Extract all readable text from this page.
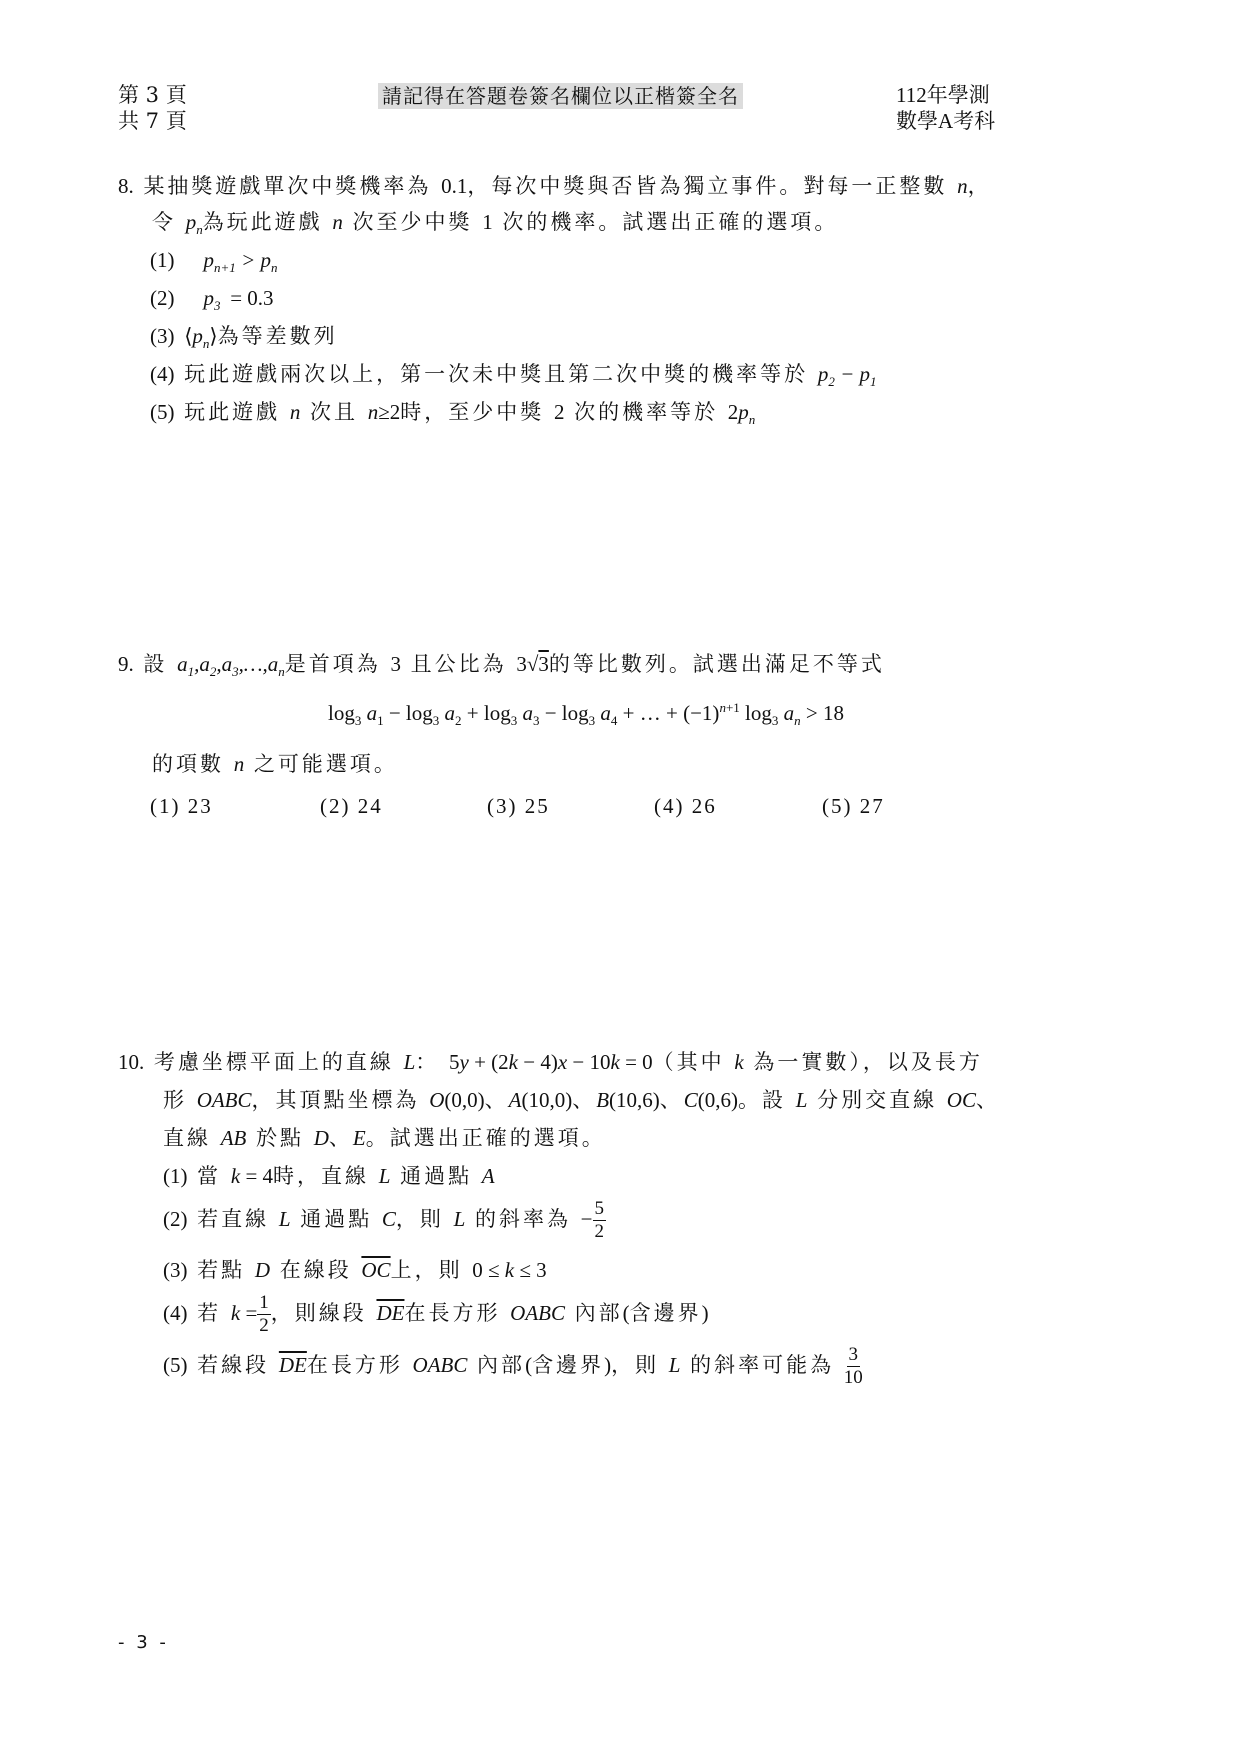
第 3 頁
共 7 頁
請記得在答題卷簽名欄位以正楷簽全名	112年學測
數學A考科
8. 某抽獎遊戲單次中獎機率為 0.1，每次中獎與否皆為獨立事件。對每一正整數 n，
令 $p_n$為玩此遊戲 n 次至少中獎 1 次的機率。試選出正確的選項。
(1) $p_{n+1} > p_n$
(2) $p_3 = 0.3$
(3) $⟨p_n⟩$為等差數列
(4) 玩此遊戲兩次以上，第一次未中獎且第二次中獎的機率等於 $p_2 - p_1$
(5) 玩此遊戲 n 次且 n≥2時，至少中獎 2 次的機率等於 $2p_n$
9. 設 $a_1,a_2,a_3,\dots,a_n$是首項為 3 且公比為 3√3的等比數列。試選出滿足不等式
$\log_3 a_1 - \log_3 a_2 + \log_3 a_3 - \log_3 a_4$ + … + $(-1)^{n+1}$ $\log_3 a_n > 18$
的項數 n 之可能選項。
(1) 23	(2) 24	(3) 25	(4) 26	(5) 27
10. 考慮坐標平面上的直線 L： 5y + (2k − 4)x − 10k = 0（其中 k 為一實數），以及長方
形 OABC，其頂點坐標為 O(0,0)、A(10,0)、B(10,6)、C(0,6)。設 L 分別交直線 OC、
直線 AB 於點 D、E。試選出正確的選項。
(1) 當 k = 4時，直線 L 通過點 A
(2) 若直線 L 通過點 C，則 L 的斜率為 − $\frac{5}{2}$
(3) 若點 D 在線段 $\overline{OC}$上，則 0 ≤ k ≤ 3
(4) 若 $k = \frac{1}{2}$ ，則線段 $\overline{DE}$在長方形 OABC 內部(含邊界)
(5) 若線段 $\overline{DE}$在長方形 OABC 內部(含邊界)，則 L 的斜率可能為 $\frac{3}{10}$
- 3 -
